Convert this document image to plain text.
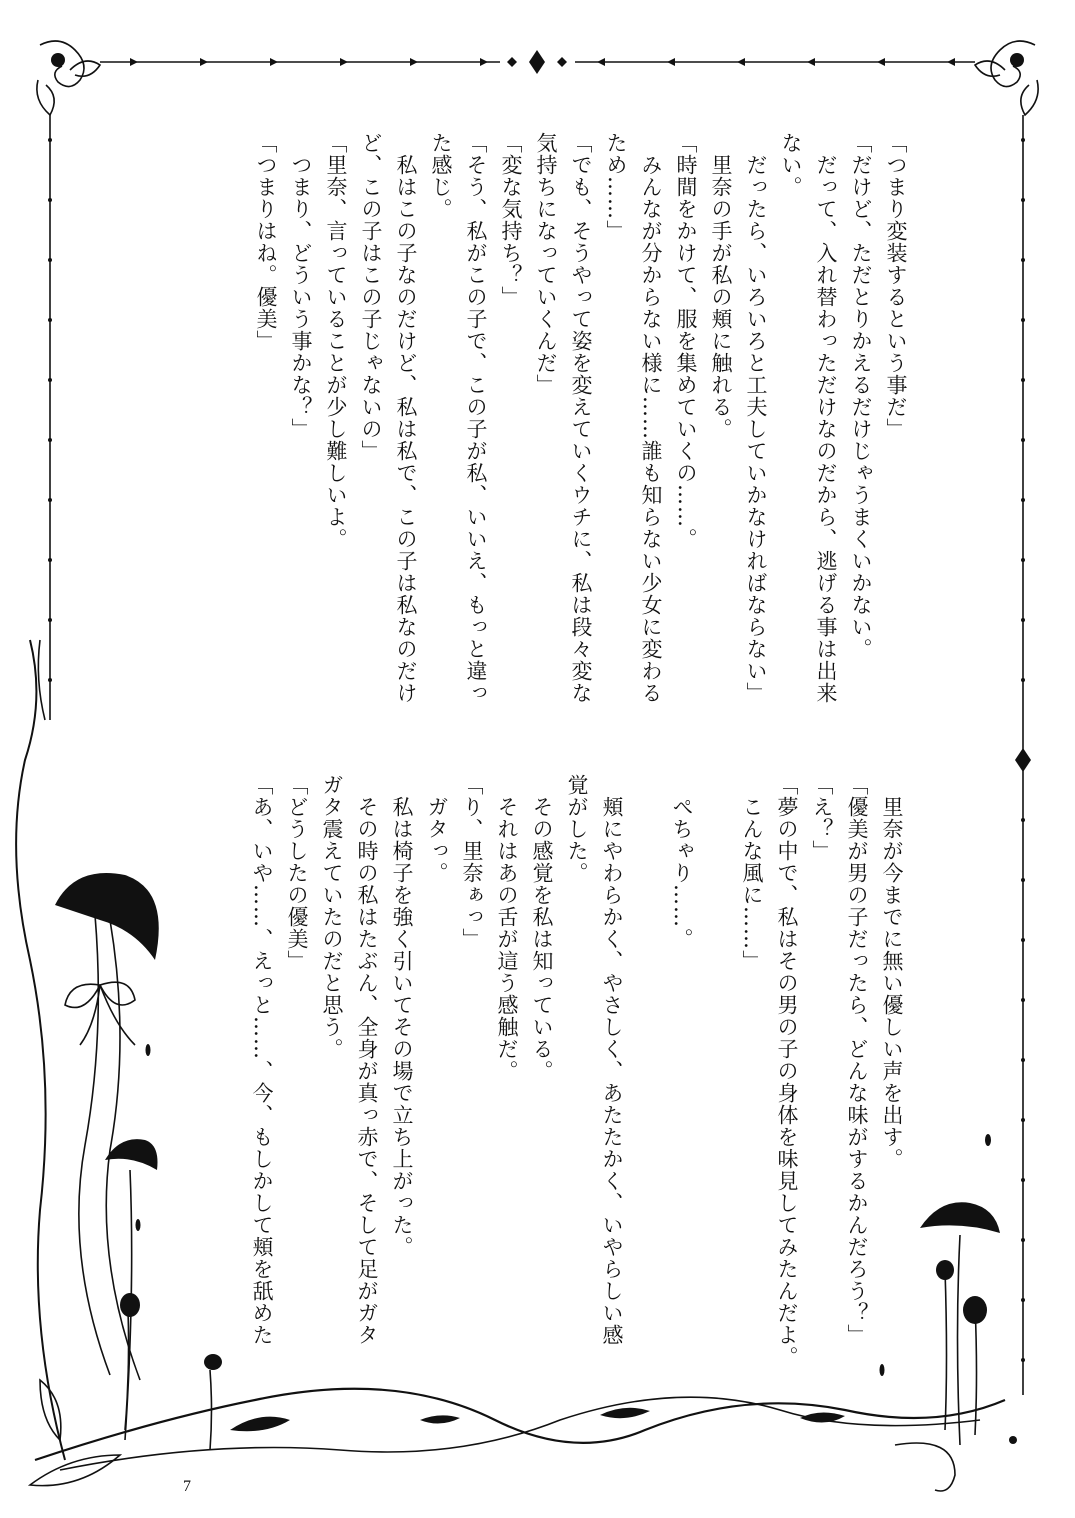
「つまり変装するという事だ」
「だけど、ただとりかえるだけじゃうまくいかない。
　だって、入れ替わっただけなのだから、逃げる事は出来
ない。
　だったら、いろいろと工夫していかなければならない」
　里奈の手が私の頬に触れる。
「時間をかけて、服を集めていくの……。
　みんなが分からない様に……誰も知らない少女に変わる
ため……」
「でも、そうやって姿を変えていくウチに、私は段々変な
気持ちになっていくんだ」
「変な気持ち？」
「そう、私がこの子で、この子が私、いいえ、もっと違っ
た感じ。
　私はこの子なのだけど、私は私で、この子は私なのだけ
ど、この子はこの子じゃないの」
「里奈、言っていることが少し難しいよ。
　つまり、どういう事かな？」
「つまりはね。優美」
　里奈が今までに無い優しい声を出す。
「優美が男の子だったら、どんな味がするかんだろう？」
「え？」
「夢の中で、私はその男の子の身体を味見してみたんだよ。
　こんな風に……」

　ぺちゃり……。

　頬にやわらかく、やさしく、あたたかく、いやらしい感
覚がした。
　その感覚を私は知っている。
　それはあの舌が這う感触だ。
「り、里奈ぁっ」
　ガタっ。
　私は椅子を強く引いてその場で立ち上がった。
　その時の私はたぶん、全身が真っ赤で、そして足がガタ
ガタ震えていたのだと思う。
「どうしたの優美」
「あ、いや……、えっと……、今、もしかして頬を舐めた
7
